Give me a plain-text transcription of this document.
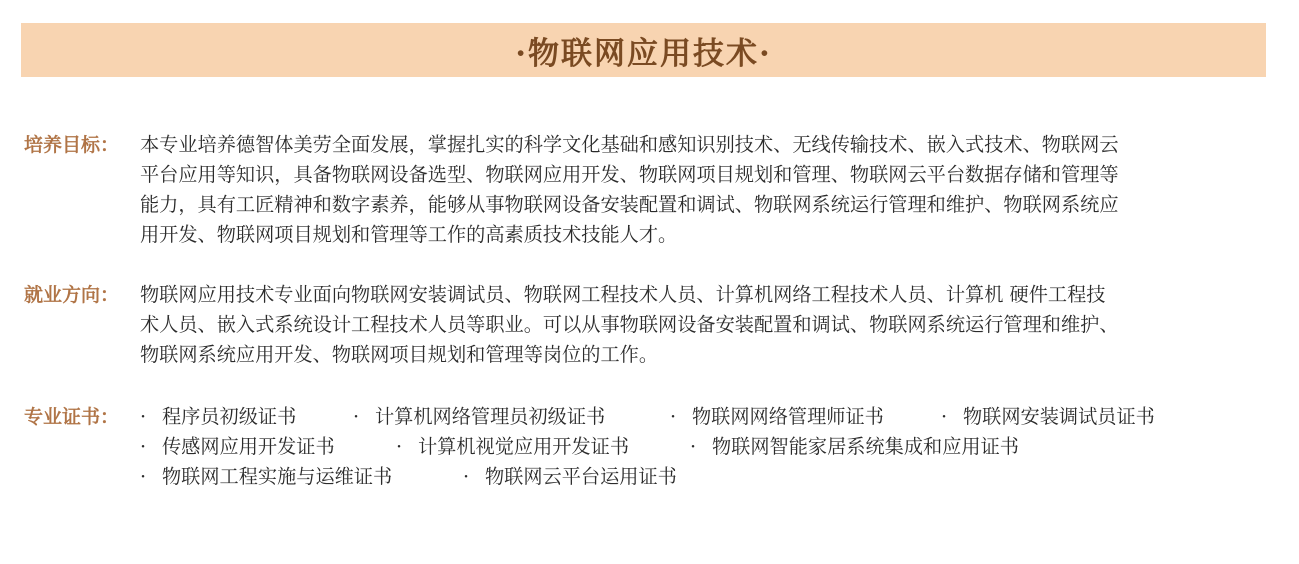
·物联网应用技术·
培养目标： 本专业培养德智体美劳全面发展，掌握扎实的科学文化基础和感知识别技术、无线传输技术、嵌入式技术、物联网云
平台应用等知识，具备物联网设备选型、物联网应用开发、物联网项目规划和管理、物联网云平台数据存储和管理等
能力，具有工匠精神和数字素养，能够从事物联网设备安装配置和调试、物联网系统运行管理和维护、物联网系统应
用开发、物联网项目规划和管理等工作的高素质技术技能人才。
就业方向： 物联网应用技术专业面向物联网安装调试员、物联网工程技术人员、计算机网络工程技术人员、计算机 硬件工程技
术人员、嵌入式系统设计工程技术人员等职业。可以从事物联网设备安装配置和调试、物联网系统运行管理和维护、
物联网系统应用开发、物联网项目规划和管理等岗位的工作。
专业证书： · 程序员初级证书	· 计算机网络管理员初级证书	· 物联网网络管理师证书	· 物联网安装调试员证书
· 传感网应用开发证书	· 计算机视觉应用开发证书	· 物联网智能家居系统集成和应用证书
· 物联网工程实施与运维证书	· 物联网云平台运用证书
